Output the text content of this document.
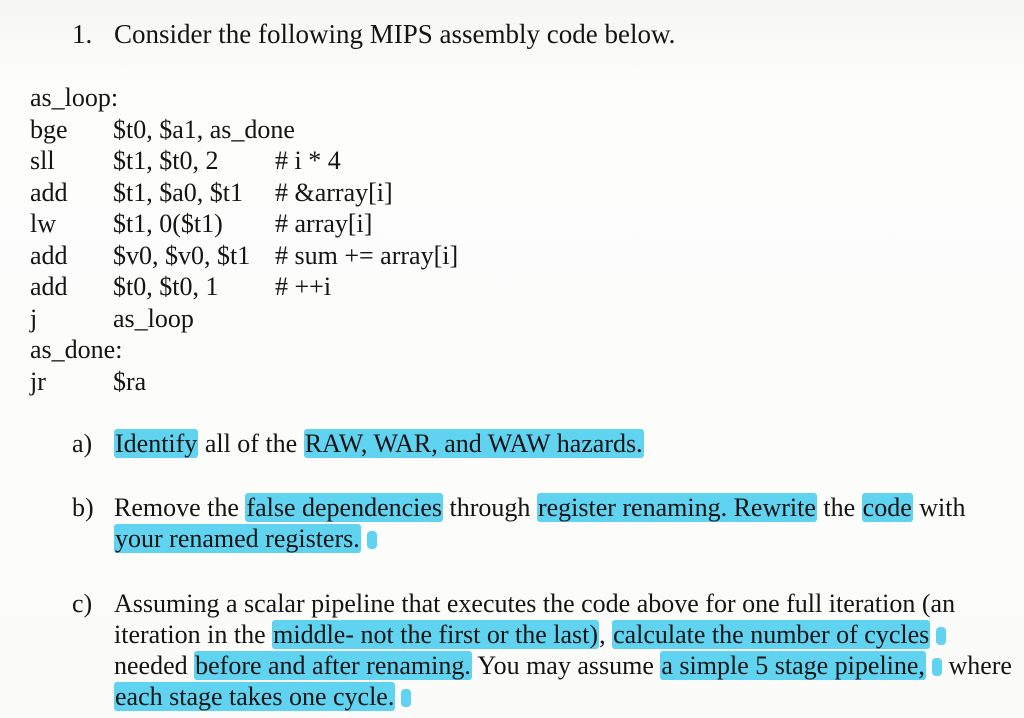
1. Consider the following MIPS assembly code below.
as_loop:
bge $t0, $a1, as_done
sll $t1, $t0, 2 # i * 4
add $t1, $a0, $t1 # &array[i]
lw $t1, 0($t1) # array[i]
add $v0, $v0, $t1 # sum += array[i]
add $t0, $t0, 1 # ++i
j	as_loop
as_done:
jr	$ra
a) Identify all of the RAW, WAR, and WAW hazards.
b) Remove the false dependencies through register renaming. Rewrite the code with your renamed registers.
c) Assuming a scalar pipeline that executes the code above for one full iteration (an iteration in the middle- not the first or the last), calculate the number of cycles needed before and after renaming. You may assume a simple 5 stage pipeline, where each stage takes one cycle.
